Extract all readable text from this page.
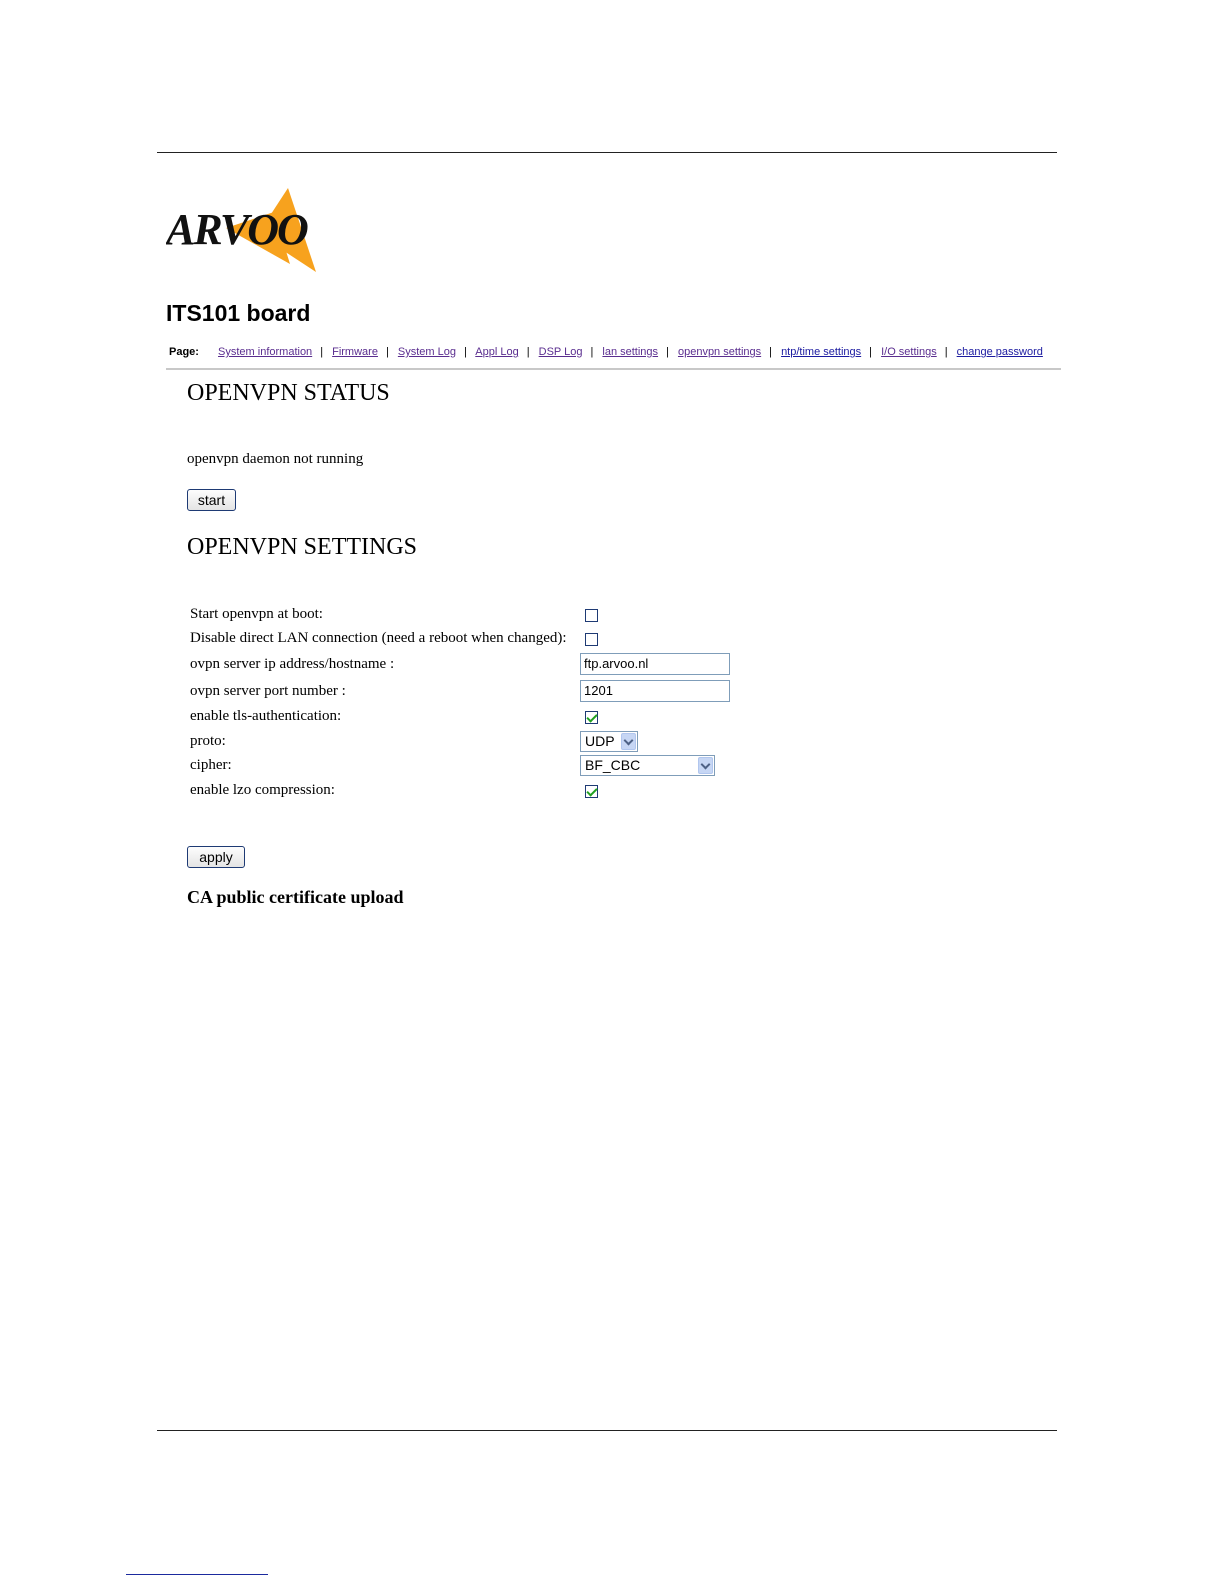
ARVOO
ITS101 board
Page: System information | Firmware | System Log | Appl Log | DSP Log | lan settings | openvpn settings | ntp/time settings | I/O settings | change password
OPENVPN STATUS
openvpn daemon not running
start
OPENVPN SETTINGS
Start openvpn at boot:
Disable direct LAN connection (need a reboot when changed):
ovpn server ip address/hostname :	ftp.arvoo.nl
ovpn server port number :	1201
enable tls-authentication:
proto:	UDP
cipher:	BF_CBC
enable lzo compression:
apply
CA public certificate upload
